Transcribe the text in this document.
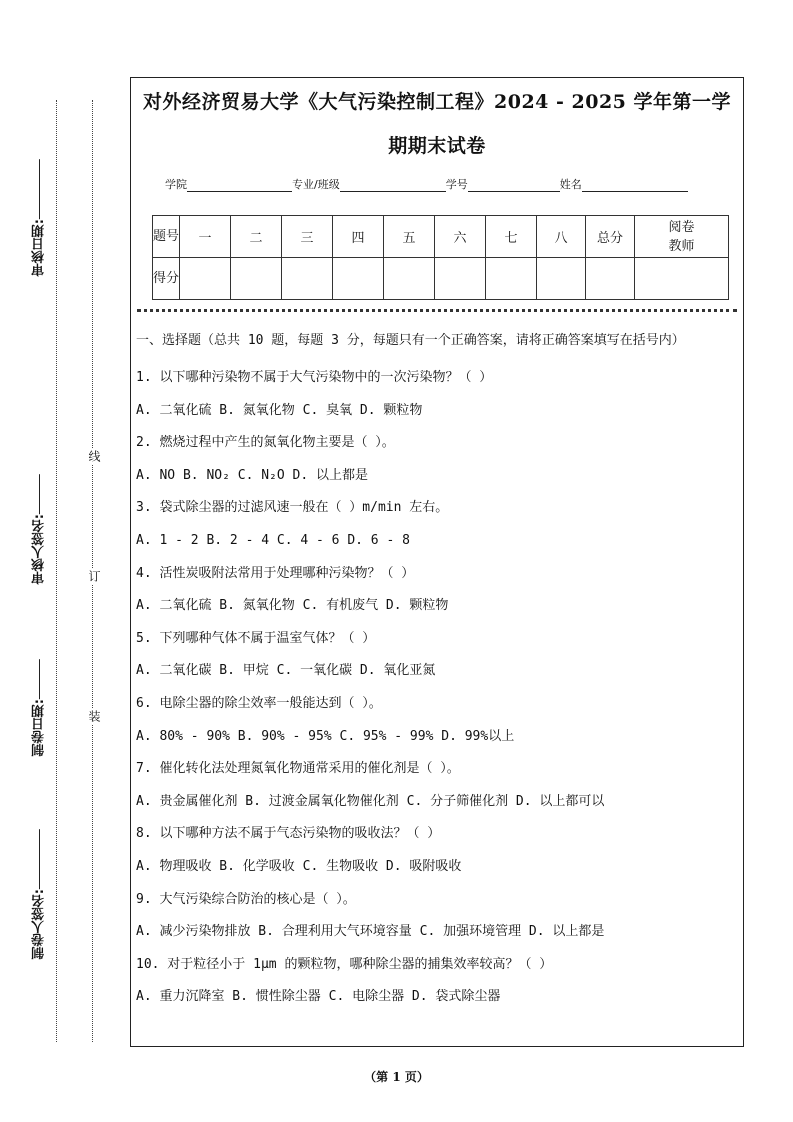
审核日期:
审核人签名:
制卷日期:
制卷人签名:
线
订
装
对外经济贸易大学《大气污染控制工程》2024 - 2025 学年第一学
期期末试卷
学院	专业/班级	学号	姓名
题号	一	二	三	四	五	六	七	八	总分	阅卷教师
得分										
一、选择题（总共 10 题，每题 3 分，每题只有一个正确答案，请将正确答案填写在括号内）
1. 以下哪种污染物不属于大气污染物中的一次污染物？（ ）
A. 二氧化硫 B. 氮氧化物 C. 臭氧 D. 颗粒物
2. 燃烧过程中产生的氮氧化物主要是（ ）。
A. NO B. NO₂ C. N₂O D. 以上都是
3. 袋式除尘器的过滤风速一般在（ ）m/min 左右。
A. 1 - 2 B. 2 - 4 C. 4 - 6 D. 6 - 8
4. 活性炭吸附法常用于处理哪种污染物？（ ）
A. 二氧化硫 B. 氮氧化物 C. 有机废气 D. 颗粒物
5. 下列哪种气体不属于温室气体？（ ）
A. 二氧化碳 B. 甲烷 C. 一氧化碳 D. 氧化亚氮
6. 电除尘器的除尘效率一般能达到（ ）。
A. 80% - 90% B. 90% - 95% C. 95% - 99% D. 99%以上
7. 催化转化法处理氮氧化物通常采用的催化剂是（ ）。
A. 贵金属催化剂 B. 过渡金属氧化物催化剂 C. 分子筛催化剂 D. 以上都可以
8. 以下哪种方法不属于气态污染物的吸收法？（ ）
A. 物理吸收 B. 化学吸收 C. 生物吸收 D. 吸附吸收
9. 大气污染综合防治的核心是（ ）。
A. 减少污染物排放 B. 合理利用大气环境容量 C. 加强环境管理 D. 以上都是
10. 对于粒径小于 1μm 的颗粒物，哪种除尘器的捕集效率较高？（ ）
A. 重力沉降室 B. 惯性除尘器 C. 电除尘器 D. 袋式除尘器
（第 1 页）
